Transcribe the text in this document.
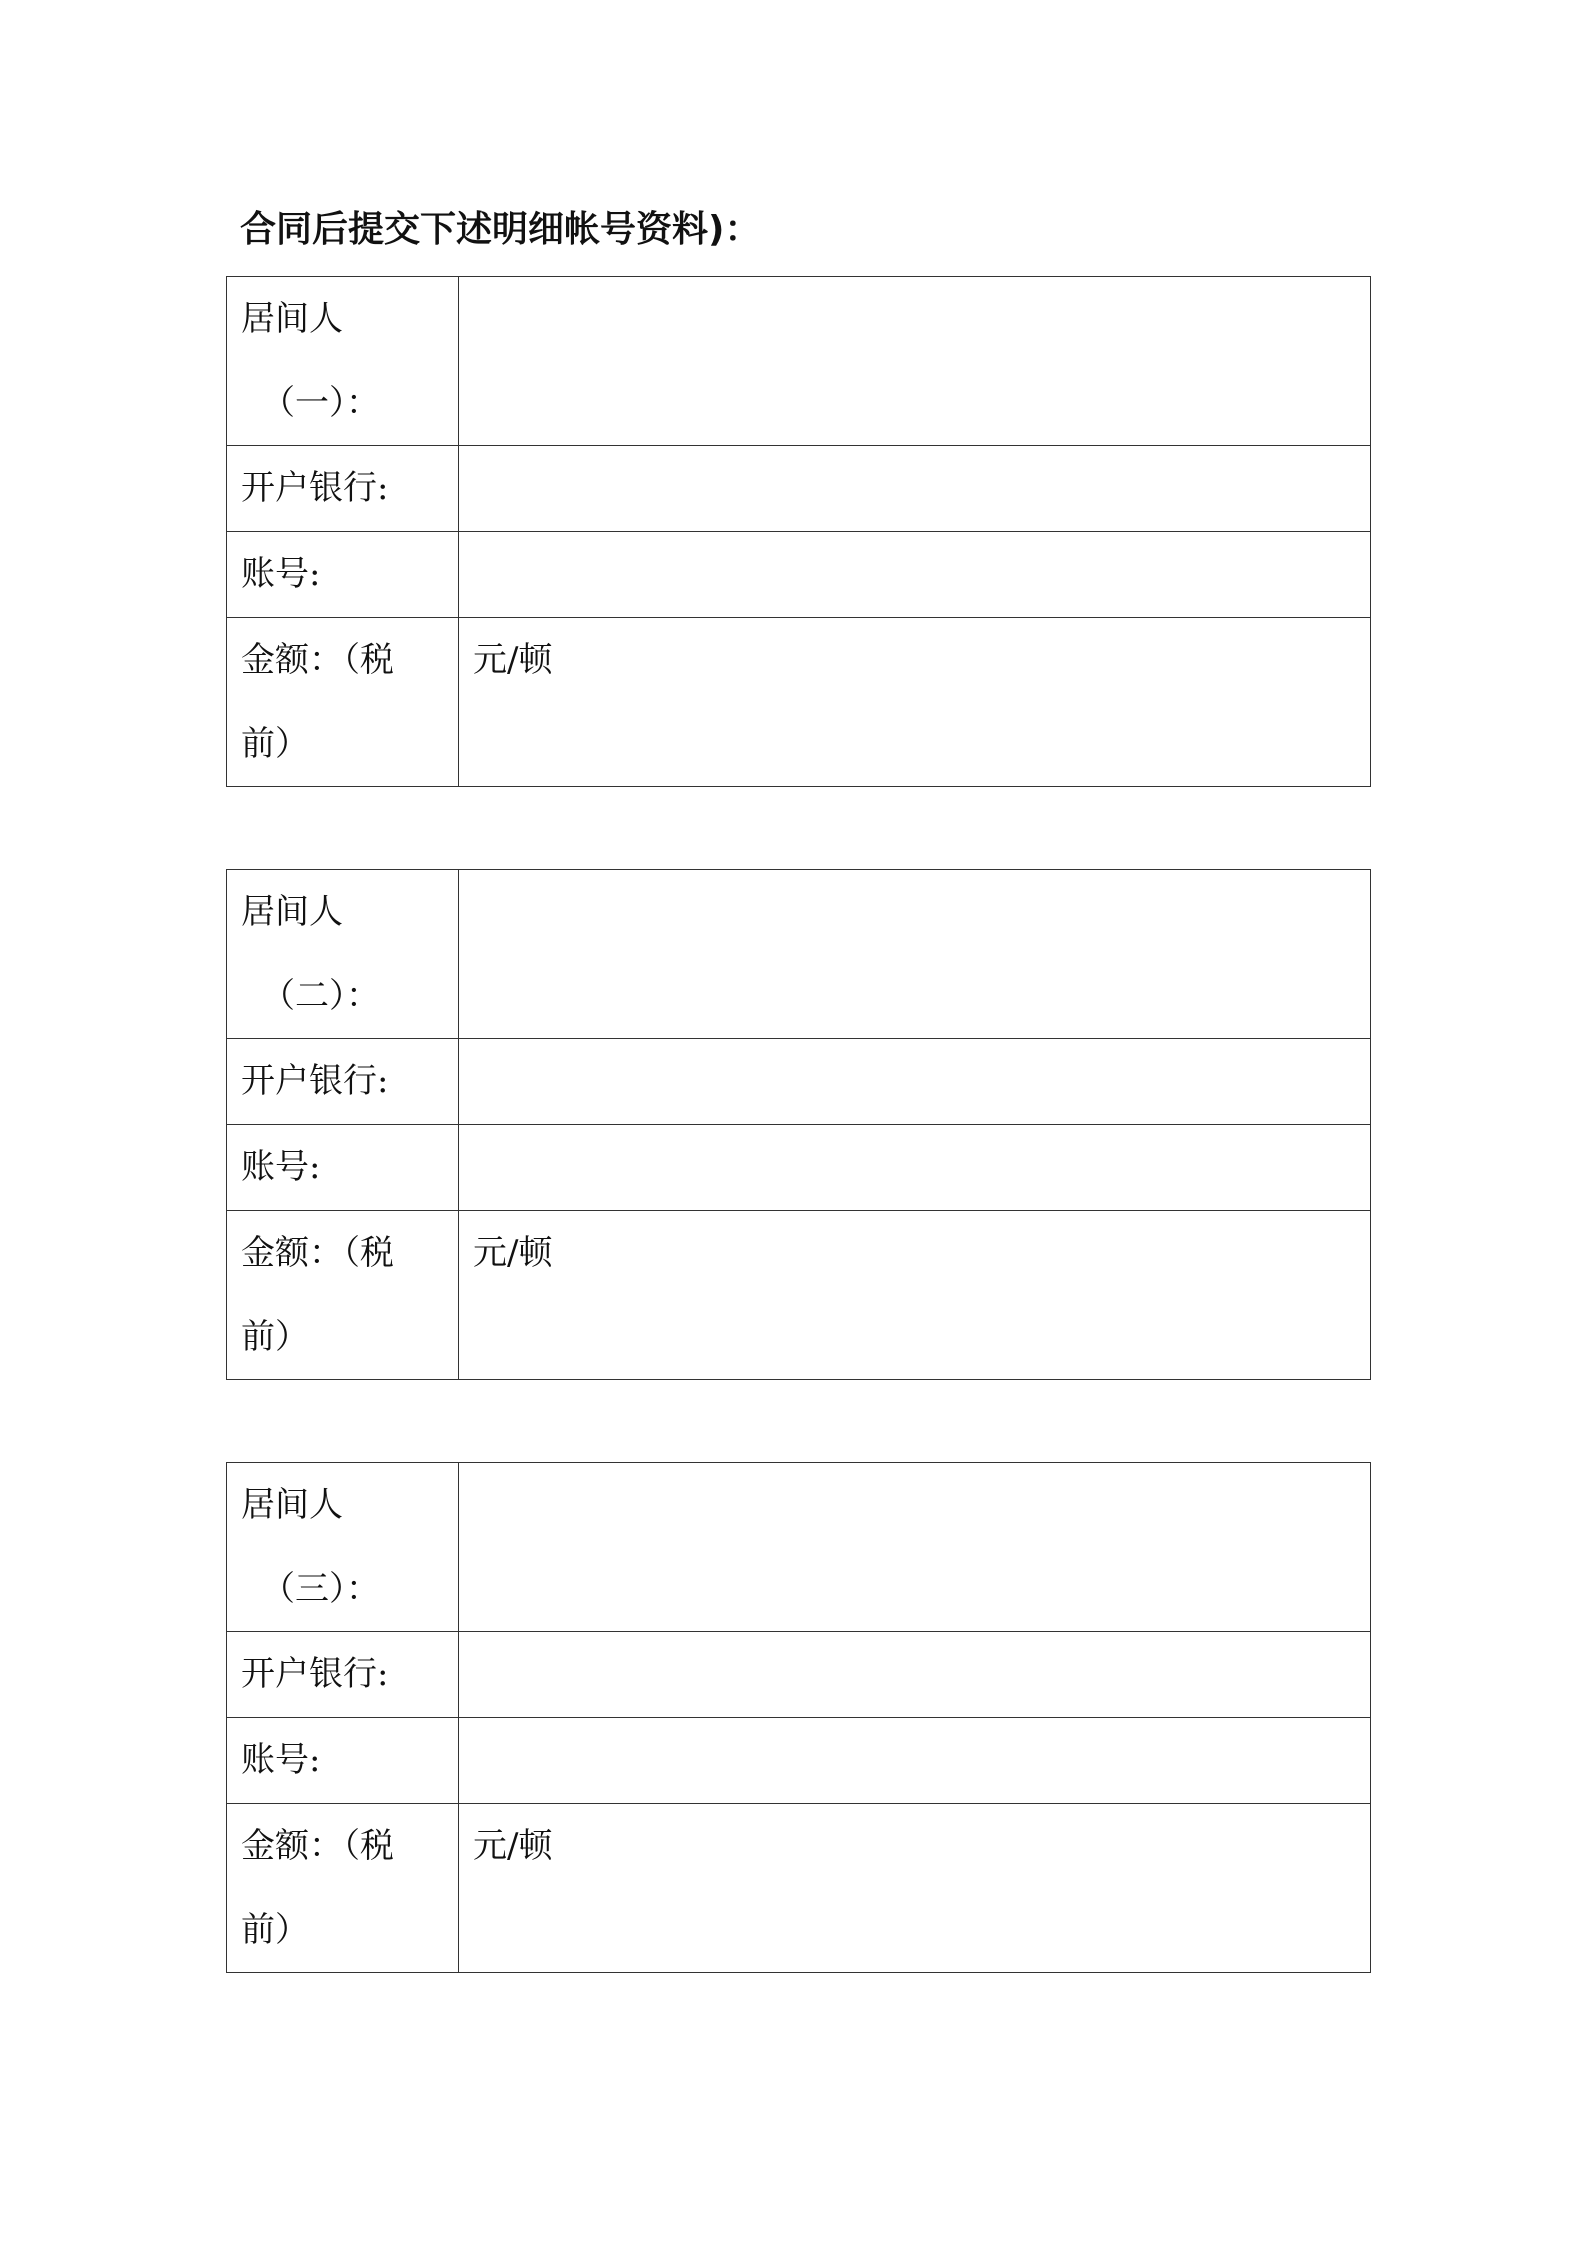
合同后提交下述明细帐号资料)：
居间人
（一）：	

开户银行:	
账号:	

金额：（税
前）	元/顿
居间人
（二）：	

开户银行:	
账号:	

金额：（税
前）	元/顿
居间人
（三）：	

开户银行:	
账号:	

金额：（税
前）	元/顿
